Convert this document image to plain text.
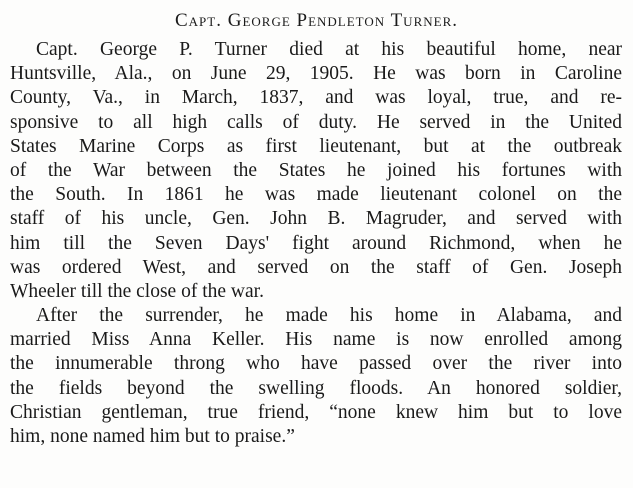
Capt. George Pendleton Turner.
Capt. George P. Turner died at his beautiful home, near
Huntsville, Ala., on June 29, 1905. He was born in Caroline
County, Va., in March, 1837, and was loyal, true, and re-
sponsive to all high calls of duty. He served in the United
States Marine Corps as first lieutenant, but at the outbreak
of the War between the States he joined his fortunes with
the South. In 1861 he was made lieutenant colonel on the
staff of his uncle, Gen. John B. Magruder, and served with
him till the Seven Days' fight around Richmond, when he
was ordered West, and served on the staff of Gen. Joseph
Wheeler till the close of the war.
After the surrender, he made his home in Alabama, and
married Miss Anna Keller. His name is now enrolled among
the innumerable throng who have passed over the river into
the fields beyond the swelling floods. An honored soldier,
Christian gentleman, true friend, “none knew him but to love
him, none named him but to praise.”
